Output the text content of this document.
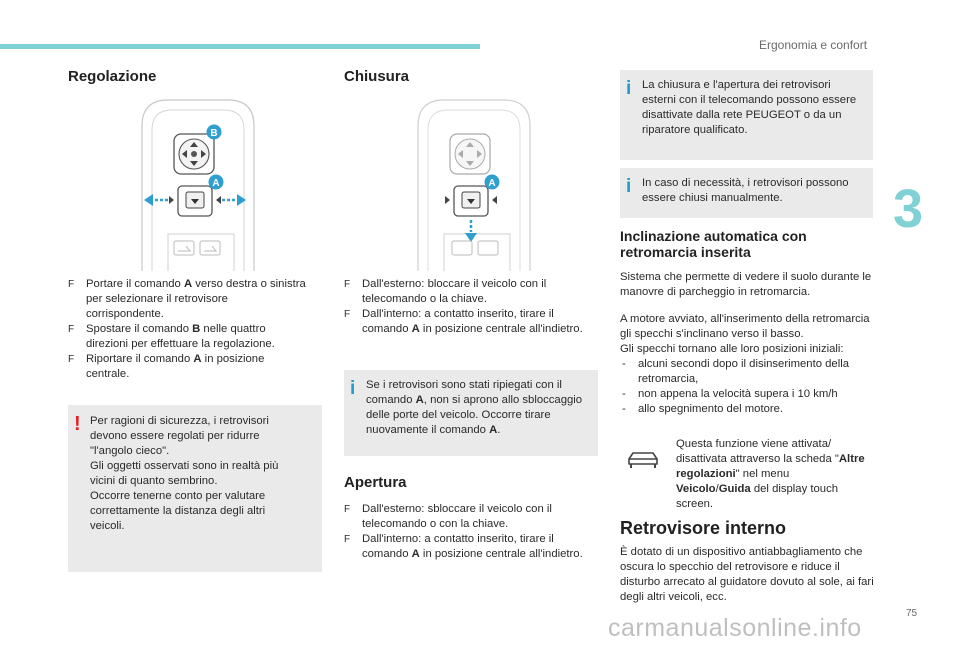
Ergonomia e confort
3
Regolazione
B
A
F Portare il comando A verso destra o sinistra per selezionare il retrovisore corrispondente.
F Spostare il comando B nelle quattro direzioni per effettuare la regolazione.
F Riportare il comando A in posizione centrale.
! Per ragioni di sicurezza, i retrovisori devono essere regolati per ridurre "l'angolo cieco".
Gli oggetti osservati sono in realtà più vicini di quanto sembrino.
Occorre tenerne conto per valutare correttamente la distanza degli altri veicoli.
Chiusura
A
F Dall'esterno: bloccare il veicolo con il telecomando o la chiave.
F Dall'interno: a contatto inserito, tirare il comando A in posizione centrale all'indietro.
i Se i retrovisori sono stati ripiegati con il comando A, non si aprono allo sbloccaggio delle porte del veicolo. Occorre tirare nuovamente il comando A.
Apertura
F Dall'esterno: sbloccare il veicolo con il telecomando o con la chiave.
F Dall'interno: a contatto inserito, tirare il comando A in posizione centrale all'indietro.
i La chiusura e l'apertura dei retrovisori esterni con il telecomando possono essere disattivate dalla rete PEUGEOT o da un riparatore qualificato.
i In caso di necessità, i retrovisori possono essere chiusi manualmente.
Inclinazione automatica con
retromarcia inserita
Sistema che permette di vedere il suolo durante le manovre di parcheggio in retromarcia.
A motore avviato, all'inserimento della retromarcia gli specchi s'inclinano verso il basso.
Gli specchi tornano alle loro posizioni iniziali:
- alcuni secondi dopo il disinserimento della retromarcia,
- non appena la velocità supera i 10 km/h
- allo spegnimento del motore.
Questa funzione viene attivata/ disattivata attraverso la scheda "Altre regolazioni" nel menu Veicolo/Guida del display touch screen.
Retrovisore interno
È dotato di un dispositivo antiabbagliamento che oscura lo specchio del retrovisore e riduce il disturbo arrecato al guidatore dovuto al sole, ai fari degli altri veicoli, ecc.
75
carmanualsonline.info
